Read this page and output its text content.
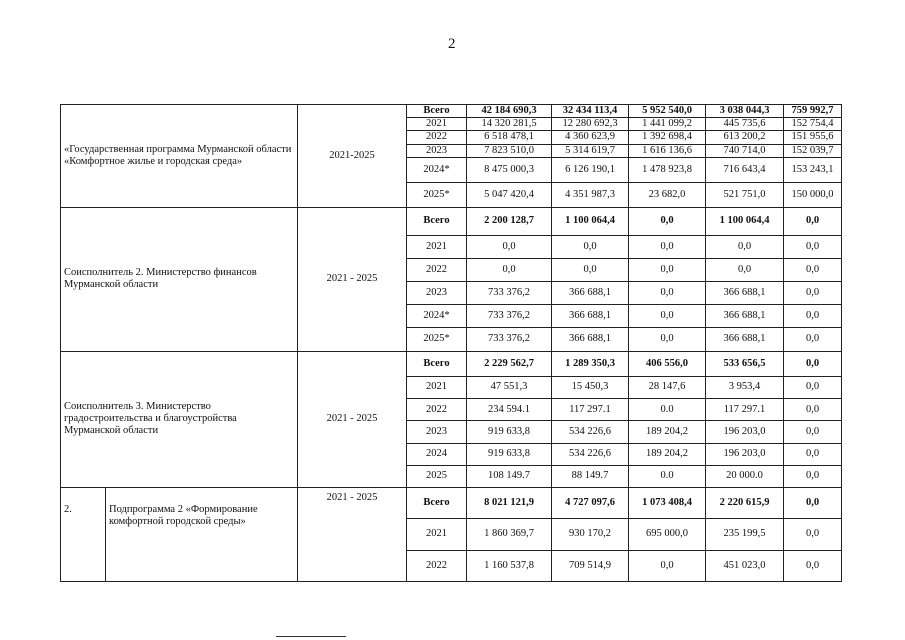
2
«Государственная программа Мурманской области «Комфортное жилье и городская среда»		2021-2025	Всего	42 184 690,3	32 434 113,4	5 952 540,0	3 038 044,3	759 992,7
			2021	14 320 281,5	12 280 692,3	1 441 099,2	445 735,6	152 754,4
			2022	6 518 478,1	4 360 623,9	1 392 698,4	613 200,2	151 955,6
			2023	7 823 510,0	5 314 619,7	1 616 136,6	740 714,0	152 039,7
			2024*	8 475 000,3	6 126 190,1	1 478 923,8	716 643,4	153 243,1
			2025*	5 047 420,4	4 351 987,3	23 682,0	521 751,0	150 000,0
Соисполнитель 2. Министерство финансов Мурманской области		2021 - 2025	Всего	2 200 128,7	1 100 064,4	0,0	1 100 064,4	0,0
			2021	0,0	0,0	0,0	0,0	0,0
			2022	0,0	0,0	0,0	0,0	0,0
			2023	733 376,2	366 688,1	0,0	366 688,1	0,0
			2024*	733 376,2	366 688,1	0,0	366 688,1	0,0
			2025*	733 376,2	366 688,1	0,0	366 688,1	0,0
Соисполнитель 3. Министерство градостроительства и благоустройства Мурманской области		2021 - 2025	Всего	2 229 562,7	1 289 350,3	406 556,0	533 656,5	0,0
			2021	47 551,3	15 450,3	28 147,6	3 953,4	0,0
			2022	234 594.1	117 297.1	0.0	117 297.1	0,0
			2023	919 633,8	534 226,6	189 204,2	196 203,0	0,0
			2024	919 633,8	534 226,6	189 204,2	196 203,0	0,0
			2025	108 149.7	88 149.7	0.0	20 000.0	0,0
2.	Подпрограмма 2 «Формирование комфортной городской среды»	2021 - 2025	Всего	8 021 121,9	4 727 097,6	1 073 408,4	2 220 615,9	0,0
			2021	1 860 369,7	930 170,2	695 000,0	235 199,5	0,0
			2022	1 160 537,8	709 514,9	0,0	451 023,0	0,0
